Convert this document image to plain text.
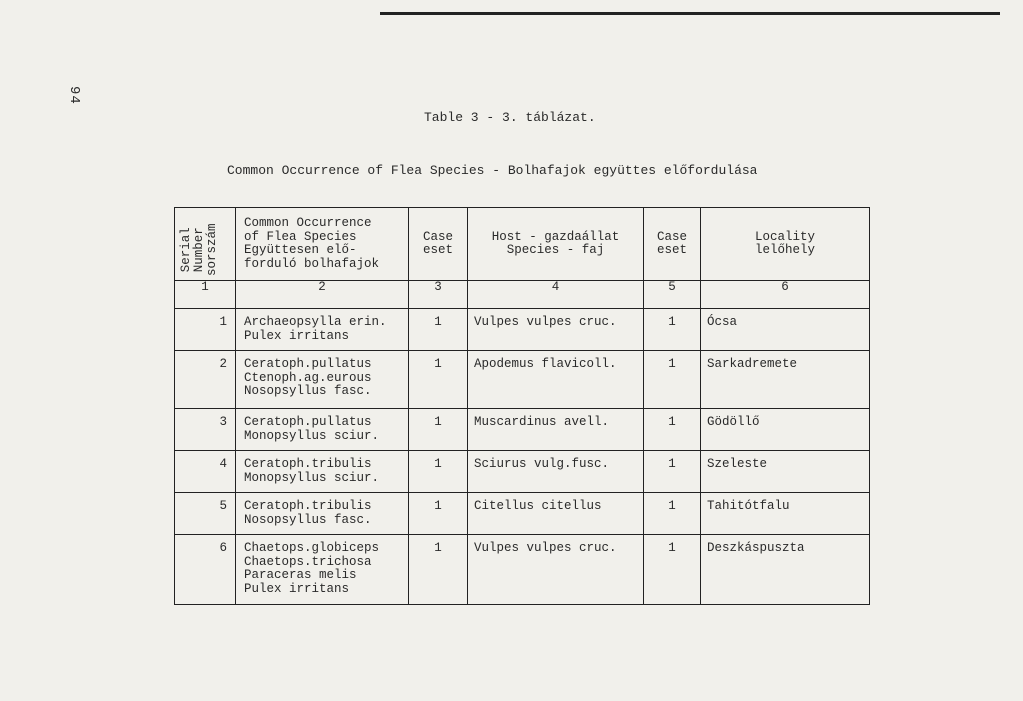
94
Table 3 - 3. táblázat.
Common Occurrence of Flea Species - Bolhafajok együttes előfordulása
Serial
Number
sorszám	Common Occurrence
of Flea Species
Együttesen elő-
forduló bolhafajok	Case
eset	Host - gazdaállat
Species - faj	Case
eset	Locality
lelőhely
1	2	3	4	5	6
1	Archaeopsylla erin.
Pulex irritans	1	Vulpes vulpes cruc.	1	Ócsa
2	Ceratoph.pullatus
Ctenoph.ag.eurous
Nosopsyllus fasc.	1	Apodemus flavicoll.	1	Sarkadremete
3	Ceratoph.pullatus
Monopsyllus sciur.	1	Muscardinus avell.	1	Gödöllő
4	Ceratoph.tribulis
Monopsyllus sciur.	1	Sciurus vulg.fusc.	1	Szeleste
5	Ceratoph.tribulis
Nosopsyllus fasc.	1	Citellus citellus	1	Tahitótfalu
6	Chaetops.globiceps
Chaetops.trichosa
Paraceras melis
Pulex irritans	1	Vulpes vulpes cruc.	1	Deszkáspuszta
